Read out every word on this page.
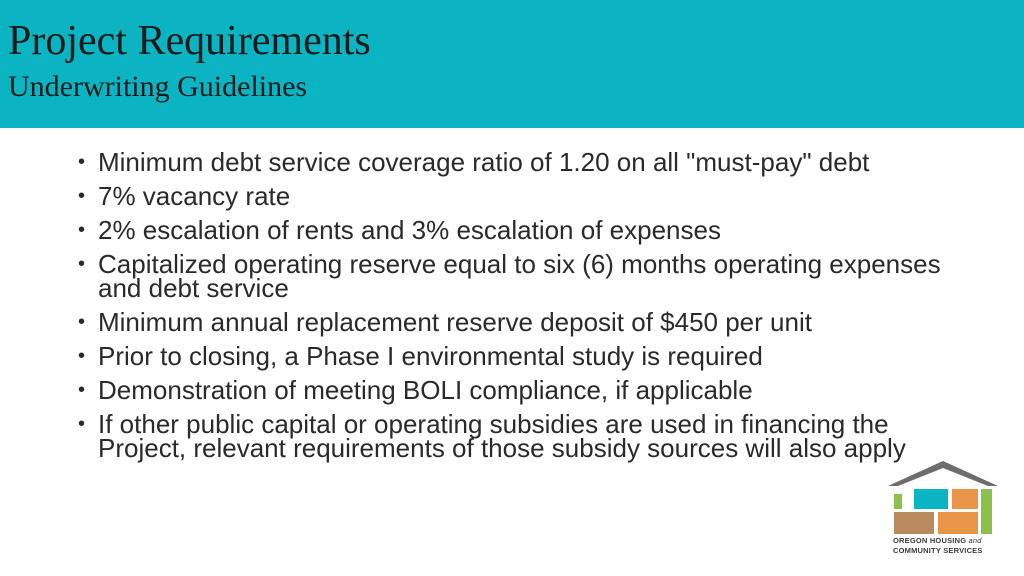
Project Requirements
Underwriting Guidelines
• Minimum debt service coverage ratio of 1.20 on all "must-pay" debt
• 7% vacancy rate
• 2% escalation of rents and 3% escalation of expenses
• Capitalized operating reserve equal to six (6) months operating expenses and debt service
• Minimum annual replacement reserve deposit of $450 per unit
• Prior to closing, a Phase I environmental study is required
• Demonstration of meeting BOLI compliance, if applicable
• If other public capital or operating subsidies are used in financing the Project, relevant requirements of those subsidy sources will also apply
OREGON HOUSING and
COMMUNITY SERVICES
